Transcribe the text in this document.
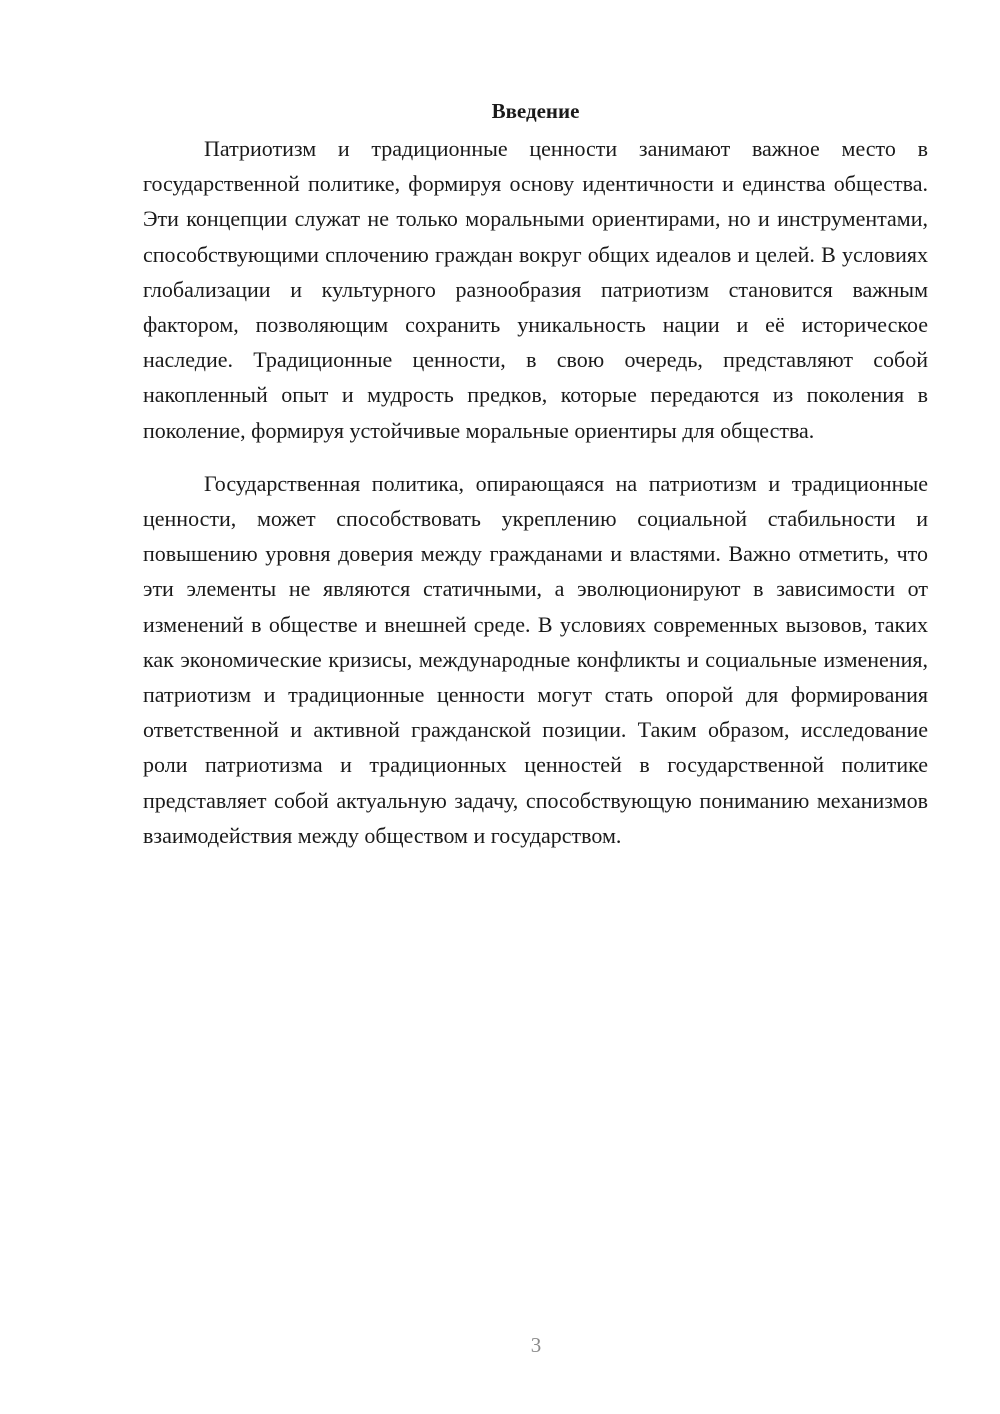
Введение

Патриотизм и традиционные ценности занимают важное место в государственной политике, формируя основу идентичности и единства общества. Эти концепции служат не только моральными ориентирами, но и инструментами, способствующими сплочению граждан вокруг общих идеалов и целей. В условиях глобализации и культурного разнообразия патриотизм становится важным фактором, позволяющим сохранить уникальность нации и её историческое наследие. Традиционные ценности, в свою очередь, представляют собой накопленный опыт и мудрость предков, которые передаются из поколения в поколение, формируя устойчивые моральные ориентиры для общества.

Государственная политика, опирающаяся на патриотизм и традиционные ценности, может способствовать укреплению социальной стабильности и повышению уровня доверия между гражданами и властями. Важно отметить, что эти элементы не являются статичными, а эволюционируют в зависимости от изменений в обществе и внешней среде. В условиях современных вызовов, таких как экономические кризисы, международные конфликты и социальные изменения, патриотизм и традиционные ценности могут стать опорой для формирования ответственной и активной гражданской позиции. Таким образом, исследование роли патриотизма и традиционных ценностей в государственной политике представляет собой актуальную задачу, способствующую пониманию механизмов взаимодействия между обществом и государством.

3
